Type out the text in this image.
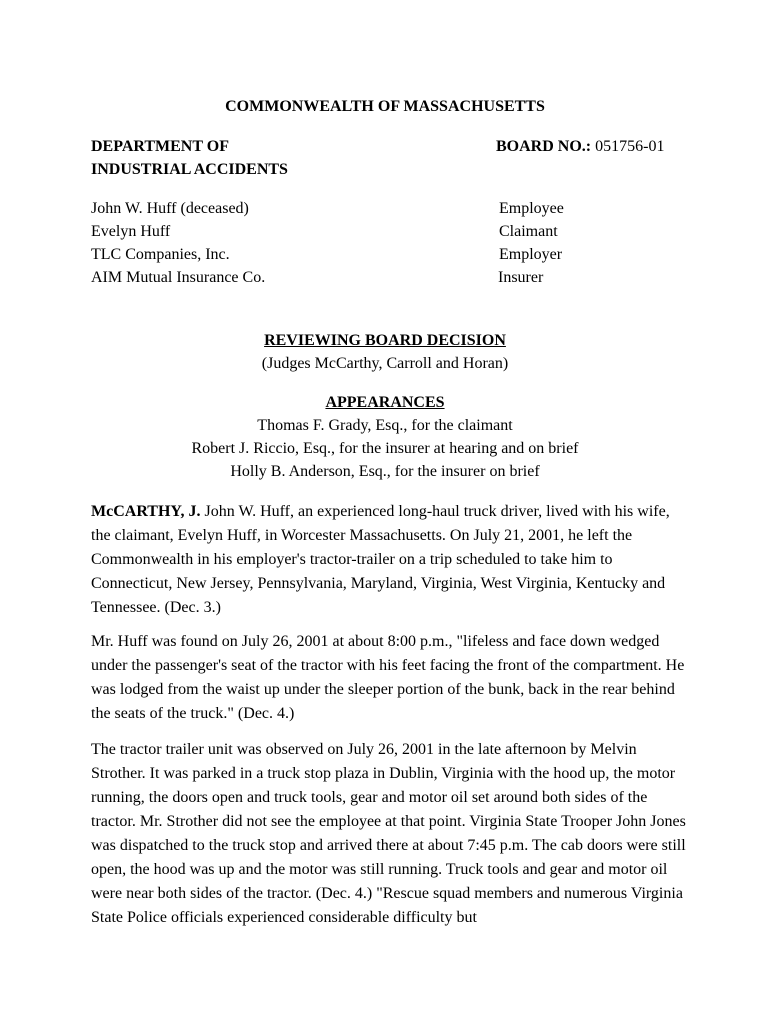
COMMONWEALTH OF MASSACHUSETTS
DEPARTMENT OF
INDUSTRIAL ACCIDENTS
BOARD NO.: 051756-01
John W. Huff (deceased)	Employee
Evelyn Huff	Claimant
TLC Companies, Inc.	Employer
AIM Mutual Insurance Co.	Insurer
REVIEWING BOARD DECISION
(Judges McCarthy, Carroll and Horan)
APPEARANCES
Thomas F. Grady, Esq., for the claimant
Robert J. Riccio, Esq., for the insurer at hearing and on brief
Holly B. Anderson, Esq., for the insurer on brief

McCARTHY, J. John W. Huff, an experienced long-haul truck driver, lived with his wife, the claimant, Evelyn Huff, in Worcester Massachusetts. On July 21, 2001, he left the Commonwealth in his employer's tractor-trailer on a trip scheduled to take him to Connecticut, New Jersey, Pennsylvania, Maryland, Virginia, West Virginia, Kentucky and Tennessee. (Dec. 3.)

Mr. Huff was found on July 26, 2001 at about 8:00 p.m., "lifeless and face down wedged under the passenger's seat of the tractor with his feet facing the front of the compartment. He was lodged from the waist up under the sleeper portion of the bunk, back in the rear behind the seats of the truck." (Dec. 4.)

The tractor trailer unit was observed on July 26, 2001 in the late afternoon by Melvin Strother. It was parked in a truck stop plaza in Dublin, Virginia with the hood up, the motor running, the doors open and truck tools, gear and motor oil set around both sides of the tractor. Mr. Strother did not see the employee at that point. Virginia State Trooper John Jones was dispatched to the truck stop and arrived there at about 7:45 p.m. The cab doors were still open, the hood was up and the motor was still running. Truck tools and gear and motor oil were near both sides of the tractor. (Dec. 4.) "Rescue squad members and numerous Virginia State Police officials experienced considerable difficulty but
